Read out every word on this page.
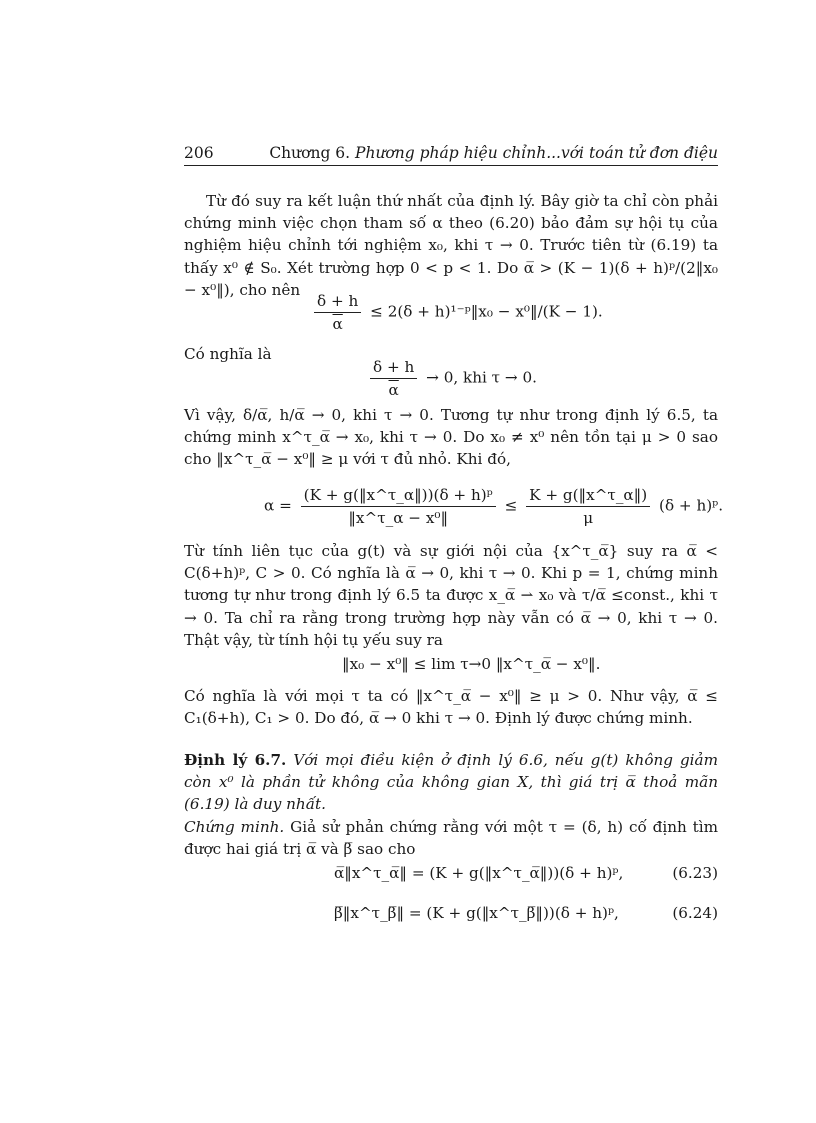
206	Chương 6. Phương pháp hiệu chỉnh...với toán tử đơn điệu

Từ đó suy ra kết luận thứ nhất của định lý. Bây giờ ta chỉ còn phải chứng minh việc chọn tham số α theo (6.20) bảo đảm sự hội tụ của nghiệm hiệu chỉnh tới nghiệm x₀, khi τ → 0. Trước tiên từ (6.19) ta thấy x⁰ ∉ S₀. Xét trường hợp 0 < p < 1. Do α̅ > (K − 1)(δ + h)ᵖ/(2‖x₀ − x⁰‖), cho nên

$\frac{\delta + h}{\alpha} \le 2(\delta$ + h)¹⁻ᵖ‖x₀ − x⁰‖/(K − 1).

Có nghĩa là

$\frac{\delta + h}{\alpha} \to 0$, khi τ → 0.

Vì vậy, δ/α̅, h/α̅ → 0, khi τ → 0. Tương tự như trong định lý 6.5, ta chứng minh x^τ_α̅ → x₀, khi τ → 0. Do x₀ ≠ x⁰ nên tồn tại μ > 0 sao cho ‖x^τ_α̅ − x⁰‖ ≥ μ với τ đủ nhỏ. Khi đó,

$\alpha = \frac{\text{(K + g(‖x\textasciicircum{}τ\_α‖))(δ + h)ᵖ}}{\text{‖x\textasciicircum{}τ\_α − x⁰‖}} \le \frac{K + g(‖x\^{}\tau\_\alpha‖)}{\mu} (\delta$ + h)ᵖ.

Từ tính liên tục của g(t) và sự giới nội của {x^τ_α̅} suy ra α̅ < C(δ+h)ᵖ, C > 0. Có nghĩa là α̅ → 0, khi τ → 0. Khi p = 1, chứng minh tương tự như trong định lý 6.5 ta được x_α̅ ⇀ x₀ và τ/α̅ ≤const., khi τ → 0. Ta chỉ ra rằng trong trường hợp này vẫn có α̅ → 0, khi τ → 0. Thật vậy, từ tính hội tụ yếu suy ra

‖x₀ − x⁰‖ ≤ lim τ→0 ‖x^τ_α̅ − x⁰‖.

Có nghĩa là với mọi τ ta có ‖x^τ_α̅ − x⁰‖ ≥ μ > 0. Như vậy, α̅ ≤ C₁(δ+h), C₁ > 0. Do đó, α̅ → 0 khi τ → 0. Định lý được chứng minh.

Định lý 6.7. Với mọi điều kiện ở định lý 6.6, nếu g(t) không giảm còn x⁰ là phần tử không của không gian X, thì giá trị α̅ thoả mãn (6.19) là duy nhất.
Chứng minh. Giả sử phản chứng rằng với một τ = (δ, h) cố định tìm được hai giá trị α̅ và β̅ sao cho

α̅‖x^τ_α̅‖ = (K + g(‖x^τ_α̅‖))(δ + h)ᵖ,	(6.23)
β̅‖x^τ_β̅‖ = (K + g(‖x^τ_β̅‖))(δ + h)ᵖ,	(6.24)
